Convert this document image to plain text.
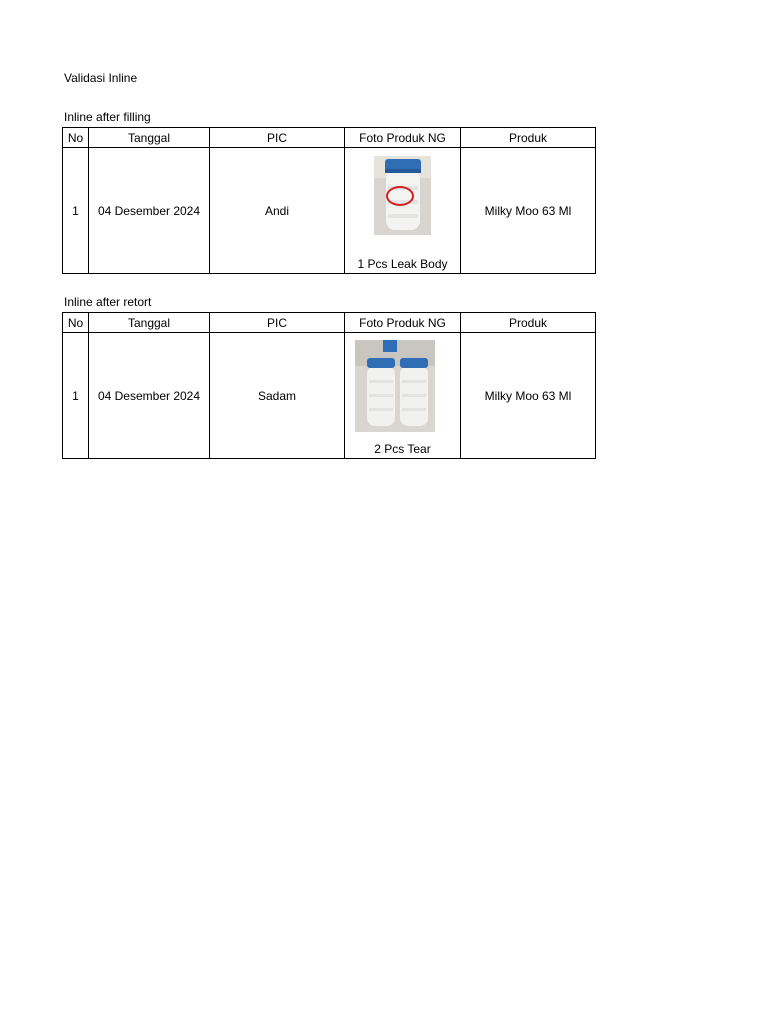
Validasi Inline
Inline after filling
No	Tanggal	PIC	Foto Produk NG	Produk
1	04 Desember 2024	Andi	1 Pcs Leak Body	Milky Moo 63 Ml
Inline after retort
No	Tanggal	PIC	Foto Produk NG	Produk
1	04 Desember 2024	Sadam	2 Pcs Tear	Milky Moo 63 Ml
